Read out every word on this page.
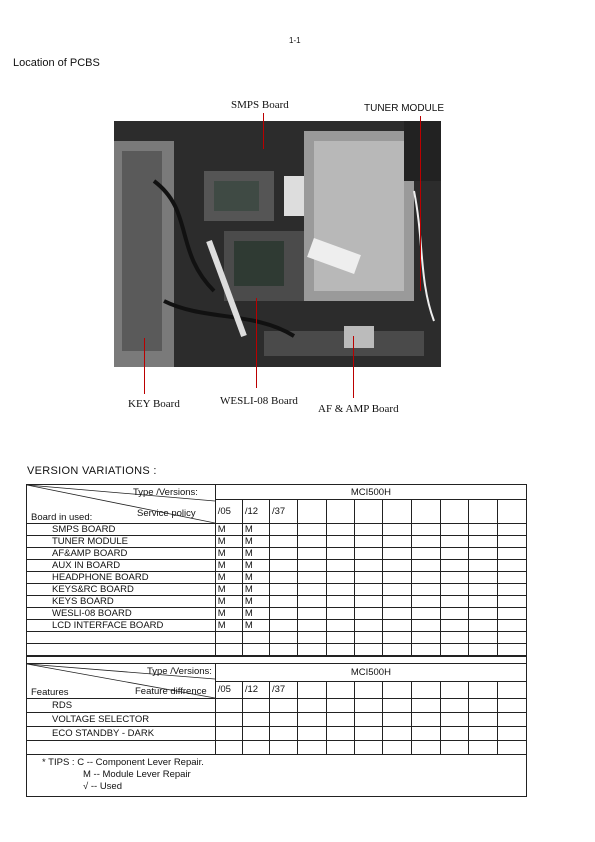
1-1
Location of PCBS
SMPS Board	TUNER MODULE
KEY Board	WESLI-08 Board
AF & AMP Board
VERSION VARIATIONS :
Type /Versions:
Service policy
Board in used:	MCI500H										
	/05	/12	/37								
SMPS BOARD	M	M									
TUNER MODULE	M	M									
AF&AMP BOARD	M	M									
AUX IN BOARD	M	M									
HEADPHONE BOARD	M	M									
KEYS&RC BOARD	M	M									
KEYS BOARD	M	M									
WESLI-08 BOARD	M	M									
LCD INTERFACE BOARD	M	M									

Type /Versions:
Feature diffrence
Features	MCI500H										
	/05	/12	/37								
RDS											
VOLTAGE SELECTOR											
ECO STANDBY - DARK											

* TIPS : C -- Component Lever Repair.
M -- Module Lever Repair
√ -- Used
